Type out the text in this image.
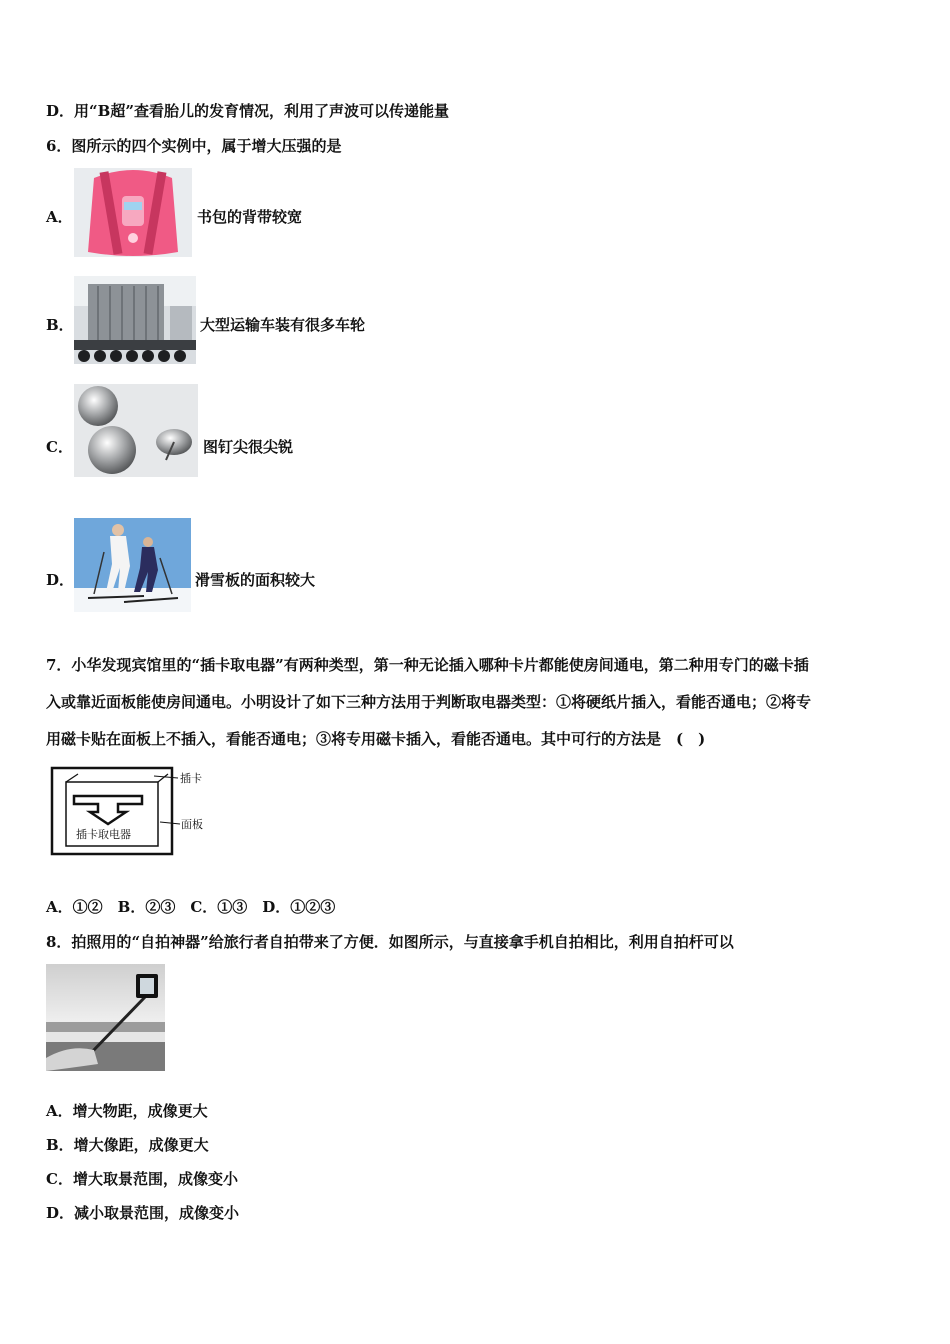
D．用“B超”查看胎儿的发育情况，利用了声波可以传递能量
6．图所示的四个实例中，属于增大压强的是
A．	书包的背带较宽
B．	大型运输车装有很多车轮
C．	图钉尖很尖锐
D．	滑雪板的面积较大
7．小华发现宾馆里的“插卡取电器”有两种类型，第一种无论插入哪种卡片都能使房间通电，第二种用专门的磁卡插
入或靠近面板能使房间通电。小明设计了如下三种方法用于判断取电器类型：①将硬纸片插入，看能否通电；②将专
用磁卡贴在面板上不插入，看能否通电；③将专用磁卡插入，看能否通电。其中可行的方法是　(　)
插卡取电器
插卡
面板
A．①②　B．②③　C．①③　D．①②③
8．拍照用的“自拍神器”给旅行者自拍带来了方便．如图所示，与直接拿手机自拍相比，利用自拍杆可以
A．增大物距，成像更大
B．增大像距，成像更大
C．增大取景范围，成像变小
D．减小取景范围，成像变小
